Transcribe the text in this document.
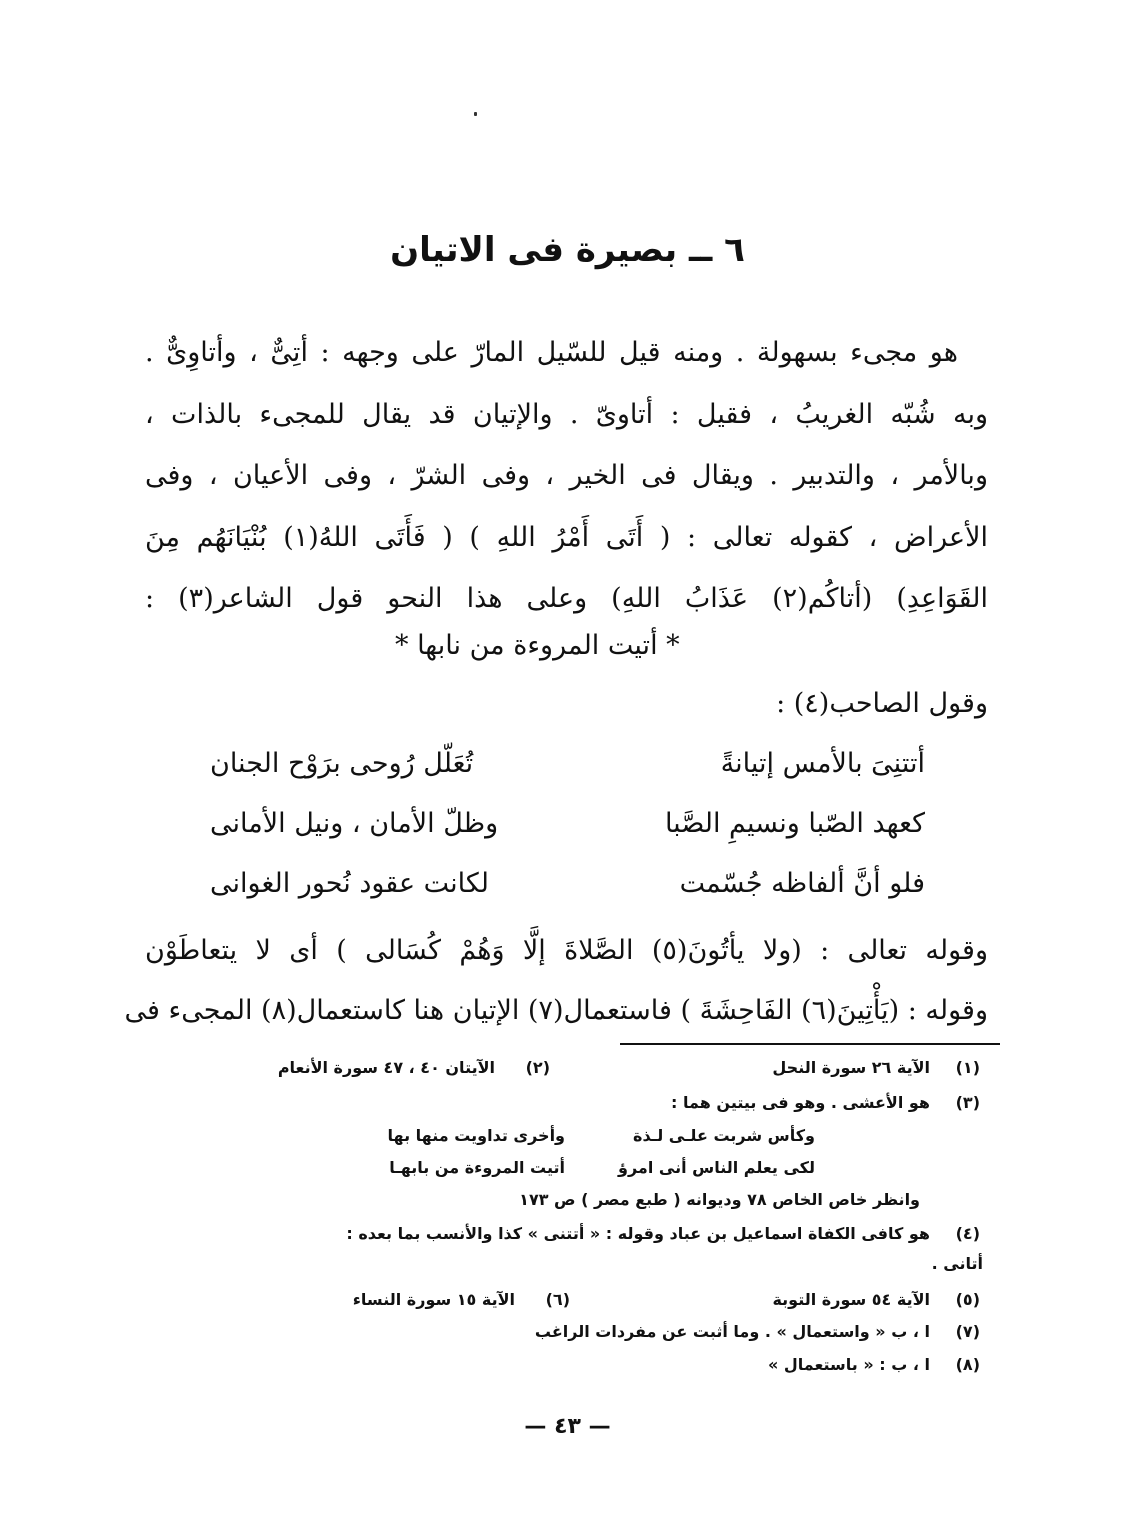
٦ ــ بصيرة فى الاتيان
هو مجىء بسهولة . ومنه قيل للسّيل المارّ على وجهه : أتِىٌّ ، وأتاوِىٌّ .
وبه شُبّه الغريبُ ، فقيل : أتاوىّ . والإتيان قد يقال للمجىء بالذات ،
وبالأمر ، والتدبير . ويقال فى الخير ، وفى الشرّ ، وفى الأعيان ، وفى
الأعراض ، كقوله تعالى : ( أَتَى أَمْرُ اللهِ ) ( فَأَتَى اللهُ(١) بُنْيَانَهُم مِنَ
القَوَاعِدِ) (أتاكُم(٢) عَذَابُ اللهِ) وعلى هذا النحو قول الشاعر(٣) :
* أتيت المروءة من نابها *
وقول الصاحب(٤) :
أتتنِىَ بالأمس إتيانةً
تُعَلّل رُوحى برَوْح الجنان
كعهد الصّبا ونسيمِ الصَّبا
وظلّ الأمان ، ونيل الأمانى
فلو أنَّ ألفاظه جُسّمت
لكانت عقود نُحور الغوانى
وقوله تعالى : (ولا يأتُونَ(٥) الصَّلاةَ إلَّا وَهُمْ كُسَالى ) أى لا يتعاطَوْن
وقوله : (يَأْتِينَ(٦) الفَاحِشَةَ ) فاستعمال(٧) الإتيان هنا كاستعمال(٨) المجىء فى
(١)
الآية ٢٦ سورة النحل
(٢)
الآيتان ٤٠ ، ٤٧ سورة الأنعام
(٣)
هو الأعشى . وهو فى بيتين هما :
وكأس شربت علـى لـذة
وأخرى تداويت منها بها
لكى يعلم الناس أنى امرؤ
أتيت المروءة من بابهـا
وانظر خاص الخاص ٧٨ وديوانه ( طبع مصر ) ص ١٧٣
(٤)
هو كافى الكفاة اسماعيل بن عباد وقوله : « أتتنى » كذا والأنسب بما بعده :
أتانى .
(٥)
الآية ٥٤ سورة التوبة
(٦)
الآية ١٥ سورة النساء
(٧)
ا ، ب « واستعمال » . وما أثبت عن مفردات الراغب
(٨)
ا ، ب : « باستعمال »
— ٤٣ —
